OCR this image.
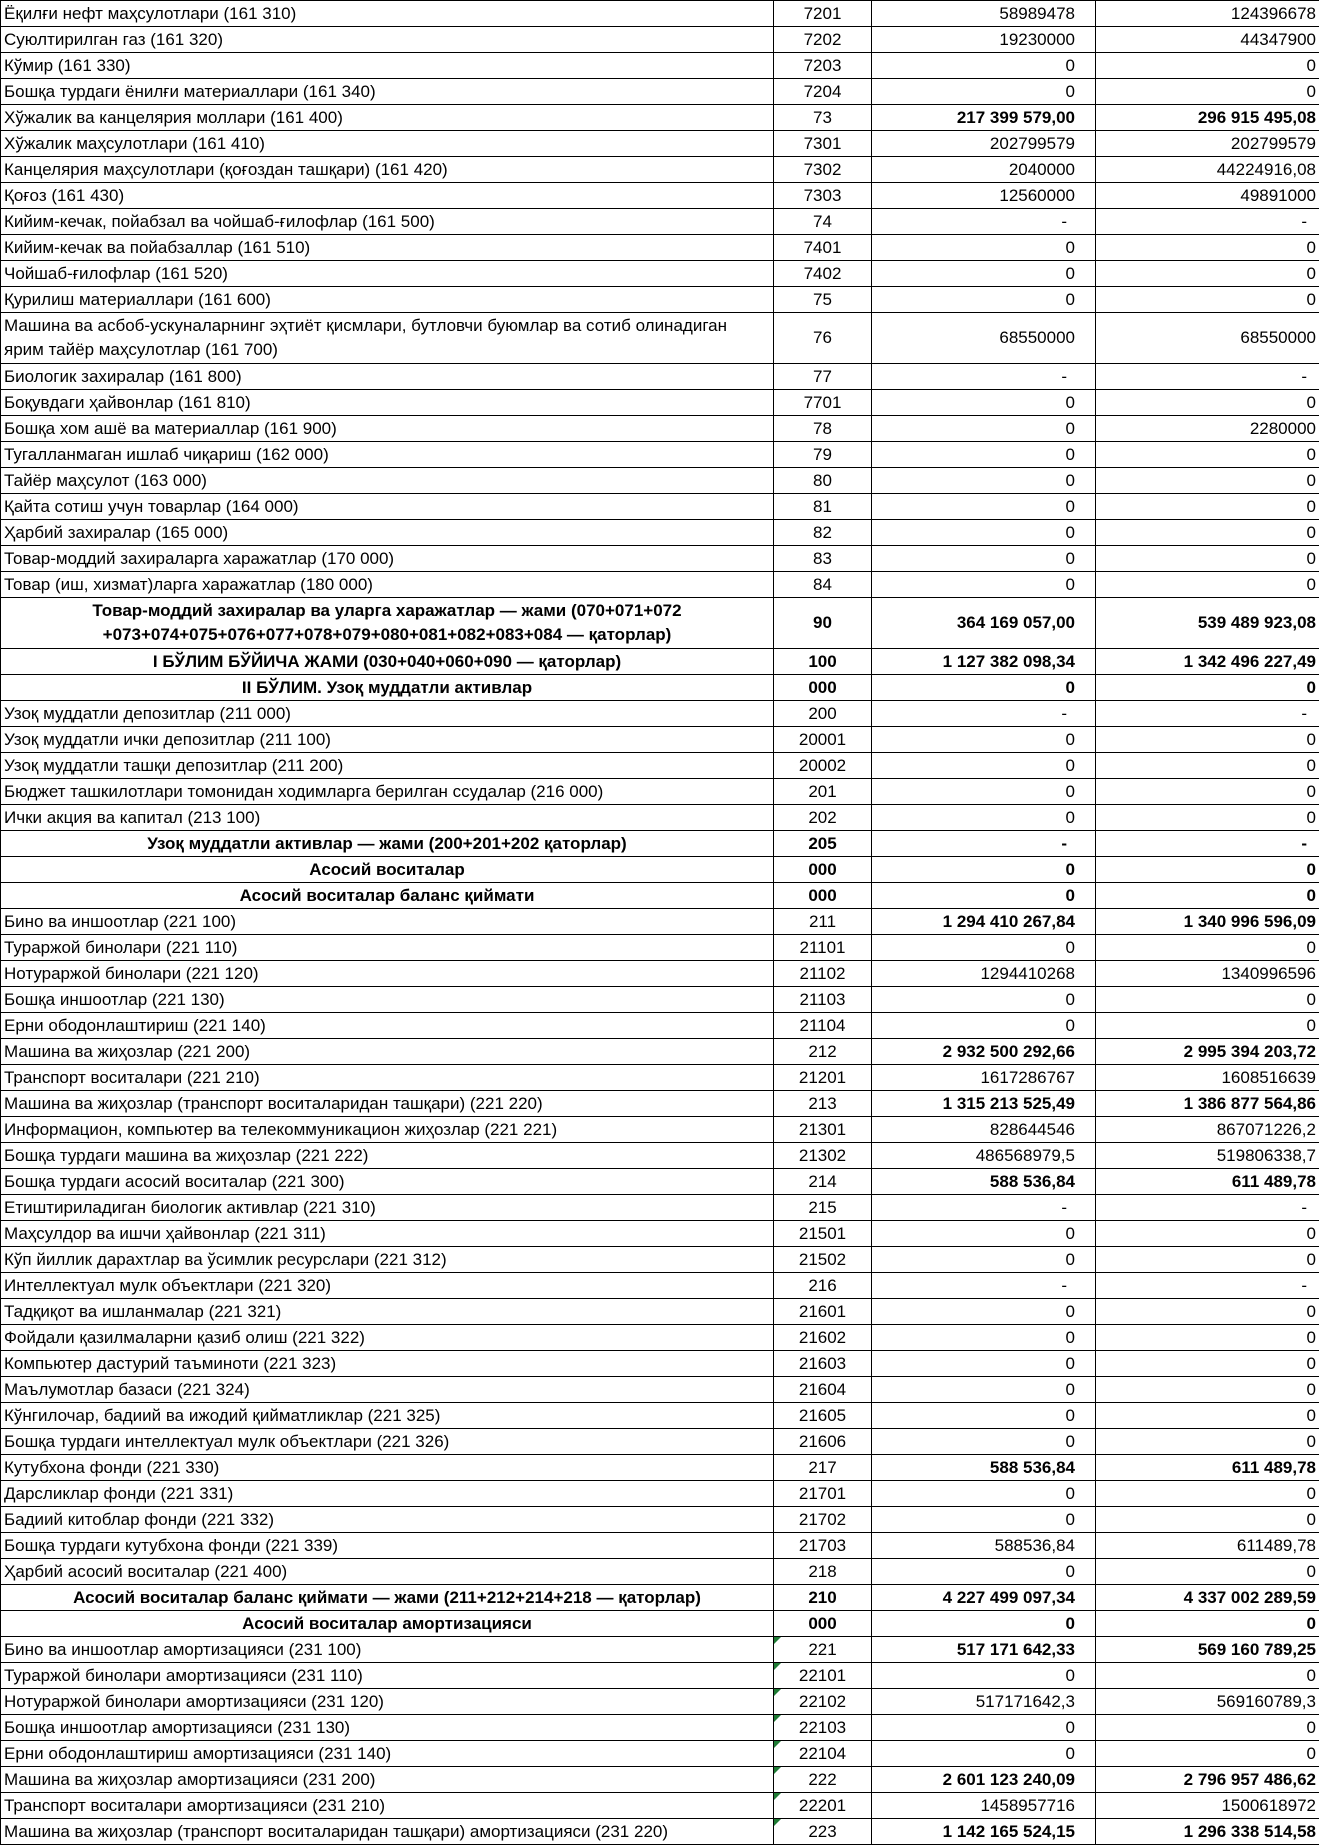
Ёқилғи нефт маҳсулотлари (161 310)	7201	58989478	124396678
Суюлтирилган газ (161 320)	7202	19230000	44347900
Кўмир (161 330)	7203	0	0
Бошқа турдаги ёнилғи материаллари (161 340)	7204	0	0
Хўжалик ва канцелярия моллари (161 400)	73	217 399 579,00	296 915 495,08
Хўжалик маҳсулотлари (161 410)	7301	202799579	202799579
Канцелярия маҳсулотлари (қоғоздан ташқари) (161 420)	7302	2040000	44224916,08
Қоғоз (161 430)	7303	12560000	49891000
Кийим-кечак, пойабзал ва чойшаб-ғилофлар (161 500)	74	-	-
Кийим-кечак ва пойабзаллар (161 510)	7401	0	0
Чойшаб-ғилофлар (161 520)	7402	0	0
Қурилиш материаллари (161 600)	75	0	0
Машина ва асбоб-ускуналарнинг эҳтиёт қисмлари, бутловчи буюмлар ва сотиб олинадиган ярим тайёр маҳсулотлар (161 700)	76	68550000	68550000
Биологик захиралар (161 800)	77	-	-
Боқувдаги ҳайвонлар (161 810)	7701	0	0
Бошқа хом ашё ва материаллар (161 900)	78	0	2280000
Тугалланмаган ишлаб чиқариш (162 000)	79	0	0
Тайёр маҳсулот (163 000)	80	0	0
Қайта сотиш учун товарлар (164 000)	81	0	0
Ҳарбий захиралар (165 000)	82	0	0
Товар-моддий захираларга харажатлар (170 000)	83	0	0
Товар (иш, хизмат)ларга харажатлар (180 000)	84	0	0
Товар-моддий захиралар ва уларга харажатлар — жами (070+071+072 +073+074+075+076+077+078+079+080+081+082+083+084 — қаторлар)	90	364 169 057,00	539 489 923,08
I БЎЛИМ БЎЙИЧА ЖАМИ (030+040+060+090 — қаторлар)	100	1 127 382 098,34	1 342 496 227,49
II БЎЛИМ. Узоқ муддатли активлар	000	0	0
Узоқ муддатли депозитлар (211 000)	200	-	-
Узоқ муддатли ички депозитлар (211 100)	20001	0	0
Узоқ муддатли ташқи депозитлар (211 200)	20002	0	0
Бюджет ташкилотлари томонидан ходимларга берилган ссудалар (216 000)	201	0	0
Ички акция ва капитал (213 100)	202	0	0
Узоқ муддатли активлар — жами (200+201+202 қаторлар)	205	-	-
Асосий воситалар	000	0	0
Асосий воситалар баланс қиймати	000	0	0
Бино ва иншоотлар (221 100)	211	1 294 410 267,84	1 340 996 596,09
Тураржой бинолари (221 110)	21101	0	0
Нотураржой бинолари (221 120)	21102	1294410268	1340996596
Бошқа иншоотлар (221 130)	21103	0	0
Ерни ободонлаштириш (221 140)	21104	0	0
Машина ва жиҳозлар (221 200)	212	2 932 500 292,66	2 995 394 203,72
Транспорт воситалари (221 210)	21201	1617286767	1608516639
Машина ва жиҳозлар (транспорт воситаларидан ташқари) (221 220)	213	1 315 213 525,49	1 386 877 564,86
Информацион, компьютер ва телекоммуникацион жиҳозлар (221 221)	21301	828644546	867071226,2
Бошқа турдаги машина ва жиҳозлар (221 222)	21302	486568979,5	519806338,7
Бошқа турдаги асосий воситалар (221 300)	214	588 536,84	611 489,78
Етиштириладиган биологик активлар (221 310)	215	-	-
Маҳсулдор ва ишчи ҳайвонлар (221 311)	21501	0	0
Кўп йиллик дарахтлар ва ўсимлик ресурслари (221 312)	21502	0	0
Интеллектуал мулк объектлари (221 320)	216	-	-
Тадқиқот ва ишланмалар (221 321)	21601	0	0
Фойдали қазилмаларни қазиб олиш (221 322)	21602	0	0
Компьютер дастурий таъминоти (221 323)	21603	0	0
Маълумотлар базаси (221 324)	21604	0	0
Кўнгилочар, бадиий ва ижодий қийматликлар (221 325)	21605	0	0
Бошқа турдаги интеллектуал мулк объектлари (221 326)	21606	0	0
Кутубхона фонди (221 330)	217	588 536,84	611 489,78
Дарсликлар фонди (221 331)	21701	0	0
Бадиий китоблар фонди (221 332)	21702	0	0
Бошқа турдаги кутубхона фонди (221 339)	21703	588536,84	611489,78
Ҳарбий асосий воситалар (221 400)	218	0	0
Асосий воситалар баланс қиймати — жами (211+212+214+218 — қаторлар)	210	4 227 499 097,34	4 337 002 289,59
Асосий воситалар амортизацияси	000	0	0
Бино ва иншоотлар амортизацияси (231 100)	221	517 171 642,33	569 160 789,25
Тураржой бинолари амортизацияси (231 110)	22101	0	0
Нотураржой бинолари амортизацияси (231 120)	22102	517171642,3	569160789,3
Бошқа иншоотлар амортизацияси (231 130)	22103	0	0
Ерни ободонлаштириш амортизацияси (231 140)	22104	0	0
Машина ва жиҳозлар амортизацияси (231 200)	222	2 601 123 240,09	2 796 957 486,62
Транспорт воситалари амортизацияси (231 210)	22201	1458957716	1500618972
Машина ва жиҳозлар (транспорт воситаларидан ташқари) амортизацияси (231 220)	223	1 142 165 524,15	1 296 338 514,58
